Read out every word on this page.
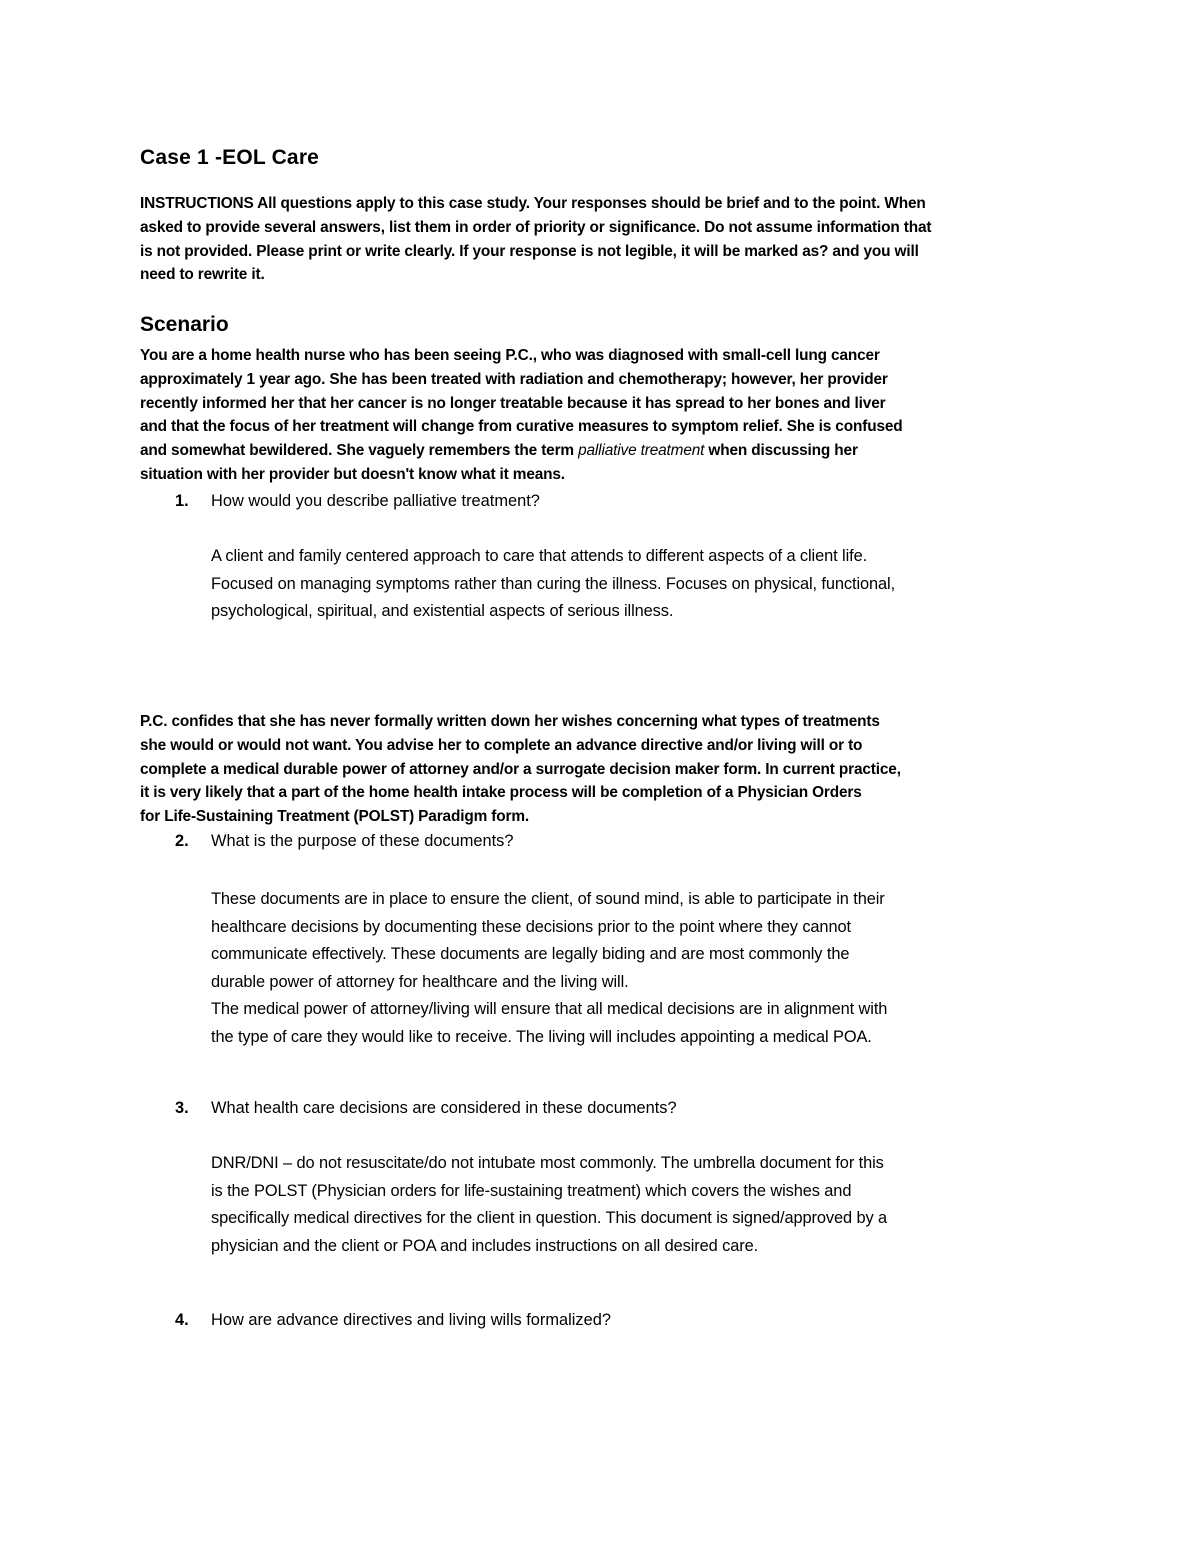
Case 1 -EOL Care
INSTRUCTIONS All questions apply to this case study. Your responses should be brief and to the point. When
asked to provide several answers, list them in order of priority or significance. Do not assume information that
is not provided. Please print or write clearly. If your response is not legible, it will be marked as? and you will
need to rewrite it.
Scenario
You are a home health nurse who has been seeing P.C., who was diagnosed with small-cell lung cancer
approximately 1 year ago. She has been treated with radiation and chemotherapy; however, her provider
recently informed her that her cancer is no longer treatable because it has spread to her bones and liver
and that the focus of her treatment will change from curative measures to symptom relief. She is confused
and somewhat bewildered. She vaguely remembers the term palliative treatment when discussing her
situation with her provider but doesn't know what it means.
1. How would you describe palliative treatment?
A client and family centered approach to care that attends to different aspects of a client life.
Focused on managing symptoms rather than curing the illness. Focuses on physical, functional,
psychological, spiritual, and existential aspects of serious illness.
P.C. confides that she has never formally written down her wishes concerning what types of treatments
she would or would not want. You advise her to complete an advance directive and/or living will or to
complete a medical durable power of attorney and/or a surrogate decision maker form. In current practice,
it is very likely that a part of the home health intake process will be completion of a Physician Orders
for Life-Sustaining Treatment (POLST) Paradigm form.
2. What is the purpose of these documents?
These documents are in place to ensure the client, of sound mind, is able to participate in their
healthcare decisions by documenting these decisions prior to the point where they cannot
communicate effectively. These documents are legally biding and are most commonly the
durable power of attorney for healthcare and the living will.
The medical power of attorney/living will ensure that all medical decisions are in alignment with
the type of care they would like to receive. The living will includes appointing a medical POA.
3. What health care decisions are considered in these documents?
DNR/DNI – do not resuscitate/do not intubate most commonly. The umbrella document for this
is the POLST (Physician orders for life-sustaining treatment) which covers the wishes and
specifically medical directives for the client in question. This document is signed/approved by a
physician and the client or POA and includes instructions on all desired care.
4. How are advance directives and living wills formalized?
